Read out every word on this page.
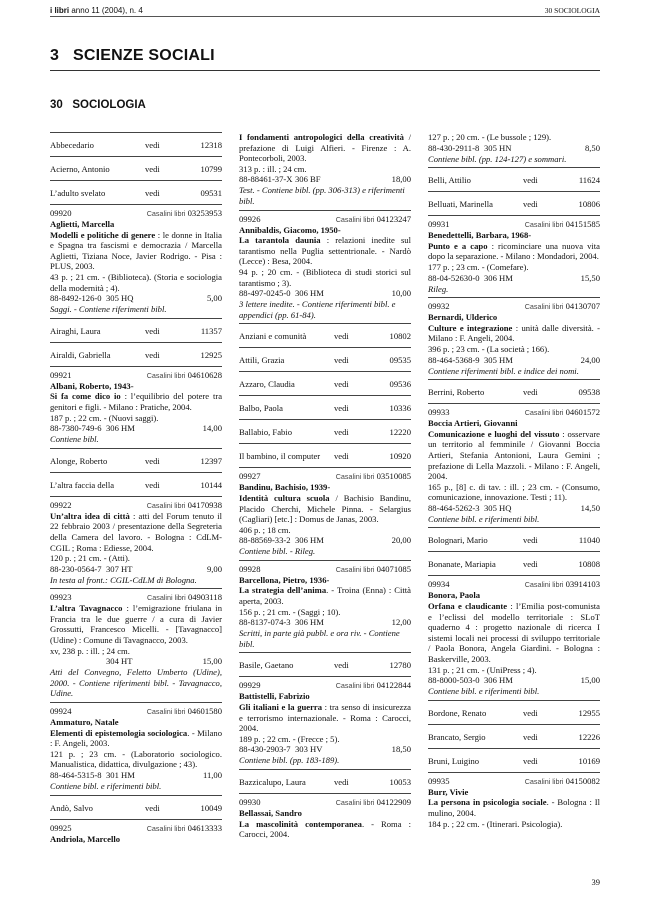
i libri anno 11 (2004), n. 4	30 SOCIOLOGIA
3   SCIENZE SOCIALI
30   SOCIOLOGIA
Abbecedario	vedi	12318
Acierno, Antonio	vedi	10799
L’adulto svelato	vedi	09531
09920	Casalini libri 03253953
Aglietti, Marcella
Modelli e politiche di genere : le donne in Italia e Spagna tra fascismi e democrazia / Marcella Aglietti, Tiziana Noce, Javier Rodrigo. - Pisa : PLUS, 2003.
43 p. ; 21 cm. - (Biblioteca). (Storia e sociologia della modernità ; 4).
88-8492-126-0 305 HQ	5,00
Saggi. - Contiene riferimenti bibl.
Airaghi, Laura	vedi	11357
Airaldi, Gabriella	vedi	12925
09921	Casalini libri 04610628
Albani, Roberto, 1943-
Si fa come dico io : l’equilibrio del potere tra genitori e figli. - Milano : Pratiche, 2004.
187 p. ; 22 cm. - (Nuovi saggi).
88-7380-749-6 306 HM	14,00
Contiene bibl.
Alonge, Roberto	vedi	12397
L’altra faccia della	vedi	10144
09922	Casalini libri 04170938
Un’altra idea di città : atti del Forum tenuto il 22 febbraio 2003 / presentazione della Segreteria della Camera del lavoro. - Bologna : CdLM-CGIL ; Roma : Ediesse, 2004.
120 p. ; 21 cm. - (Atti).
88-230-0564-7 307 HT	9,00
In testa al front.: CGIL-CdLM di Bologna.
09923	Casalini libri 04903118
L’altra Tavagnacco : l’emigrazione friulana in Francia tra le due guerre / a cura di Javier Grossutti, Francesco Micelli. - [Tavagnacco] (Udine) : Comune di Tavagnacco, 2003.
xv, 238 p. : ill. ; 24 cm.
304 HT	15,00
Atti del Convegno, Feletto Umberto (Udine), 2000. - Contiene riferimenti bibl. - Tavagnacco, Udine.
09924	Casalini libri 04601580
Ammaturo, Natale
Elementi di epistemologia sociologica. - Milano : F. Angeli, 2003.
121 p. ; 23 cm. - (Laboratorio sociologico. Manualistica, didattica, divulgazione ; 43).
88-464-5315-8 301 HM	11,00
Contiene bibl. e riferimenti bibl.
Andò, Salvo	vedi	10049
09925	Casalini libri 04613333
Andriola, Marcello
I fondamenti antropologici della creatività / prefazione di Luigi Alfieri. - Firenze : A. Pontecorboli, 2003.
313 p. : ill. ; 24 cm.
88-88461-37-X 306 BF	18,00
Test. - Contiene bibl. (pp. 306-313) e riferimenti bibl.
09926	Casalini libri 04123247
Annibaldis, Giacomo, 1950-
La tarantola daunia : relazioni inedite sul tarantismo nella Puglia settentrionale. - Nardò (Lecce) : Besa, 2004.
94 p. ; 20 cm. - (Biblioteca di studi storici sul tarantismo ; 3).
88-497-0245-0 306 HM	10,00
3 lettere inedite. - Contiene riferimenti bibl. e appendici (pp. 61-84).
Anziani e comunità	vedi	10802
Attili, Grazia	vedi	09535
Azzaro, Claudia	vedi	09536
Balbo, Paola	vedi	10336
Ballabio, Fabio	vedi	12220
Il bambino, il computer vedi	10920
09927	Casalini libri 03510085
Bandinu, Bachisio, 1939-
Identità cultura scuola / Bachisio Bandinu, Placido Cherchi, Michele Pinna. - Selargius (Cagliari) [etc.] : Domus de Janas, 2003.
406 p. ; 18 cm.
88-88569-33-2 306 HM	20,00
Contiene bibl. - Rileg.
09928	Casalini libri 04071085
Barcellona, Pietro, 1936-
La strategia dell’anima. - Troina (Enna) : Città aperta, 2003.
156 p. ; 21 cm. - (Saggi ; 10).
88-8137-074-3 306 HM	12,00
Scritti, in parte già pubbl. e ora riv. - Contiene bibl.
Basile, Gaetano	vedi	12780
09929	Casalini libri 04122844
Battistelli, Fabrizio
Gli italiani e la guerra : tra senso di insicurezza e terrorismo internazionale. - Roma : Carocci, 2004.
189 p. ; 22 cm. - (Frecce ; 5).
88-430-2903-7 303 HV	18,50
Contiene bibl. (pp. 183-189).
Bazzicalupo, Laura	vedi	10053
09930	Casalini libri 04122909
Bellassai, Sandro
La mascolinità contemporanea. - Roma : Carocci, 2004.
127 p. ; 20 cm. - (Le bussole ; 129).
88-430-2911-8 305 HN	8,50
Contiene bibl. (pp. 124-127) e sommari.
Belli, Attilio	vedi	11624
Belluati, Marinella	vedi	10806
09931	Casalini libri 04151585
Benedettelli, Barbara, 1968-
Punto e a capo : ricominciare una nuova vita dopo la separazione. - Milano : Mondadori, 2004.
177 p. ; 23 cm. - (Comefare).
88-04-52630-0 306 HM	15,50
Rileg.
09932	Casalini libri 04130707
Bernardi, Ulderico
Culture e integrazione : unità dalle diversità. - Milano : F. Angeli, 2004.
396 p. ; 23 cm. - (La società ; 166).
88-464-5368-9 305 HM	24,00
Contiene riferimenti bibl. e indice dei nomi.
Berrini, Roberto	vedi	09538
09933	Casalini libri 04601572
Boccia Artieri, Giovanni
Comunicazione e luoghi del vissuto : osservare un territorio al femminile / Giovanni Boccia Artieri, Stefania Antonioni, Laura Gemini ; prefazione di Lella Mazzoli. - Milano : F. Angeli, 2004.
165 p., [8] c. di tav. : ill. ; 23 cm. - (Consumo, comunicazione, innovazione. Testi ; 11).
88-464-5262-3 305 HQ	14,50
Contiene bibl. e riferimenti bibl.
Bolognari, Mario	vedi	11040
Bonanate, Mariapia	vedi	10808
09934	Casalini libri 03914103
Bonora, Paola
Orfana e claudicante : l’Emilia post-comunista e l’eclissi del modello territoriale : SLoT quaderno 4 : progetto nazionale di ricerca I sistemi locali nei processi di sviluppo territoriale / Paola Bonora, Angela Giardini. - Bologna : Baskerville, 2003.
131 p. ; 21 cm. - (UniPress ; 4).
88-8000-503-0 306 HM	15,00
Contiene bibl. e riferimenti bibl.
Bordone, Renato	vedi	12955
Brancato, Sergio	vedi	12226
Bruni, Luigino	vedi	10169
09935	Casalini libri 04150082
Burr, Vivie
La persona in psicologia sociale. - Bologna : Il mulino, 2004.
184 p. ; 22 cm. - (Itinerari. Psicologia).
39
